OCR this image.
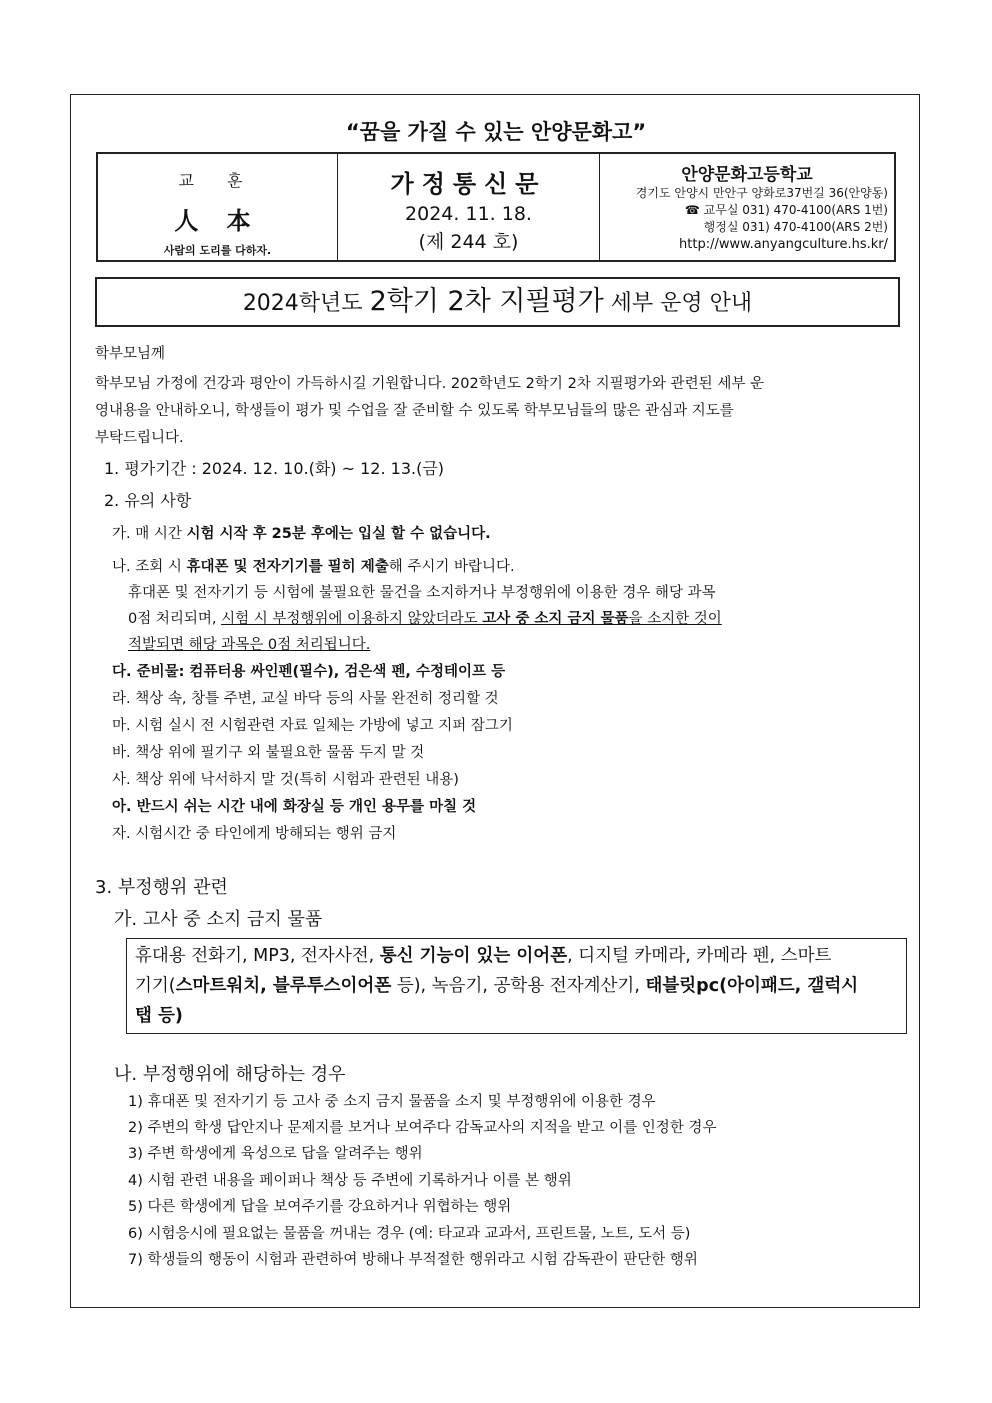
“꿈을 가질 수 있는 안양문화고”
교 훈
人 本
사람의 도리를 다하자.
가정통신문
2024. 11. 18.
(제 244 호)
안양문화고등학교
경기도 안양시 만안구 양화로37번길 36(안양동)
☎ 교무실 031) 470-4100(ARS 1번)
행정실 031) 470-4100(ARS 2번)
http://www.anyangculture.hs.kr/
2024학년도 2학기 2차 지필평가 세부 운영 안내
학부모님께
학부모님 가정에 건강과 평안이 가득하시길 기원합니다. 202학년도 2학기 2차 지필평가와 관련된 세부 운
영내용을 안내하오니, 학생들이 평가 및 수업을 잘 준비할 수 있도록 학부모님들의 많은 관심과 지도를
부탁드립니다.
1. 평가기간 : 2024. 12. 10.(화) ~ 12. 13.(금)
2. 유의 사항
가. 매 시간 시험 시작 후 25분 후에는 입실 할 수 없습니다.
나. 조회 시 휴대폰 및 전자기기를 필히 제출해 주시기 바랍니다.
휴대폰 및 전자기기 등 시험에 불필요한 물건을 소지하거나 부정행위에 이용한 경우 해당 과목
0점 처리되며, 시험 시 부정행위에 이용하지 않았더라도 고사 중 소지 금지 물품을 소지한 것이
적발되면 해당 과목은 0점 처리됩니다.
다. 준비물: 컴퓨터용 싸인펜(필수), 검은색 펜, 수정테이프 등
라. 책상 속, 창틀 주변, 교실 바닥 등의 사물 완전히 정리할 것
마. 시험 실시 전 시험관련 자료 일체는 가방에 넣고 지퍼 잠그기
바. 책상 위에 필기구 외 불필요한 물품 두지 말 것
사. 책상 위에 낙서하지 말 것(특히 시험과 관련된 내용)
아. 반드시 쉬는 시간 내에 화장실 등 개인 용무를 마칠 것
자. 시험시간 중 타인에게 방해되는 행위 금지
3. 부정행위 관련
가. 고사 중 소지 금지 물품
휴대용 전화기, MP3, 전자사전, 통신 기능이 있는 이어폰, 디지털 카메라, 카메라 펜, 스마트
기기(스마트워치, 블루투스이어폰 등), 녹음기, 공학용 전자계산기, 태블릿pc(아이패드, 갤럭시
탭 등)
나. 부정행위에 해당하는 경우
1) 휴대폰 및 전자기기 등 고사 중 소지 금지 물품을 소지 및 부정행위에 이용한 경우
2) 주변의 학생 답안지나 문제지를 보거나 보여주다 감독교사의 지적을 받고 이를 인정한 경우
3) 주변 학생에게 육성으로 답을 알려주는 행위
4) 시험 관련 내용을 페이퍼나 책상 등 주변에 기록하거나 이를 본 행위
5) 다른 학생에게 답을 보여주기를 강요하거나 위협하는 행위
6) 시험응시에 필요없는 물품을 꺼내는 경우 (예: 타교과 교과서, 프린트물, 노트, 도서 등)
7) 학생들의 행동이 시험과 관련하여 방해나 부적절한 행위라고 시험 감독관이 판단한 행위
